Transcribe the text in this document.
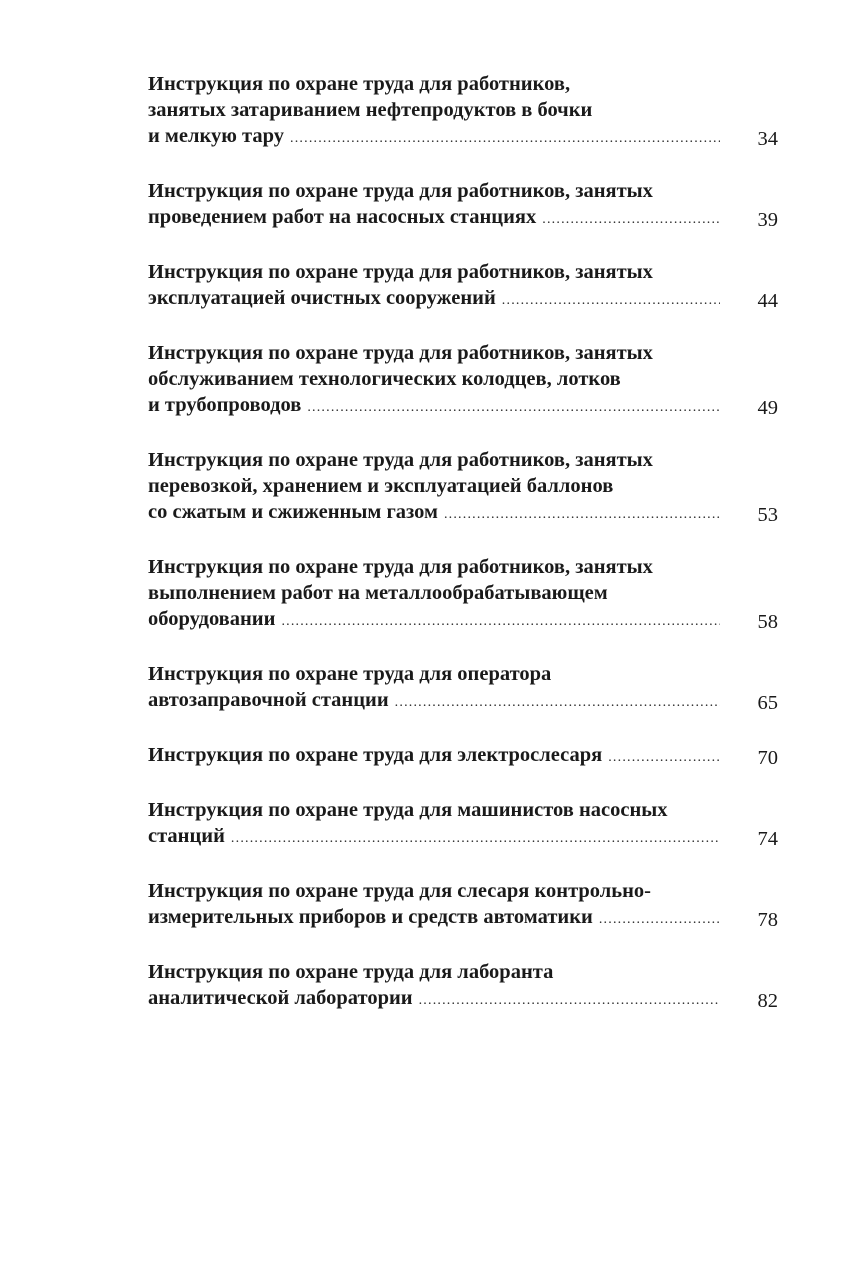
Инструкция по охране труда для работников,
занятых затариванием нефтепродуктов в бочки
и мелкую тару .....	34
Инструкция по охране труда для работников, занятых
проведением работ на насосных станциях .....	39
Инструкция по охране труда для работников, занятых
эксплуатацией очистных сооружений .....	44
Инструкция по охране труда для работников, занятых
обслуживанием технологических колодцев, лотков
и трубопроводов .....	49
Инструкция по охране труда для работников, занятых
перевозкой, хранением и эксплуатацией баллонов
со сжатым и сжиженным газом .....	53
Инструкция по охране труда для работников, занятых
выполнением работ на металлообрабатывающем
оборудовании .....	58
Инструкция по охране труда для оператора
автозаправочной станции .....	65
Инструкция по охране труда для электрослесаря .....	70
Инструкция по охране труда для машинистов насосных
станций .....	74
Инструкция по охране труда для слесаря контрольно-
измерительных приборов и средств автоматики .....	78
Инструкция по охране труда для лаборанта
аналитической лаборатории .....	82
